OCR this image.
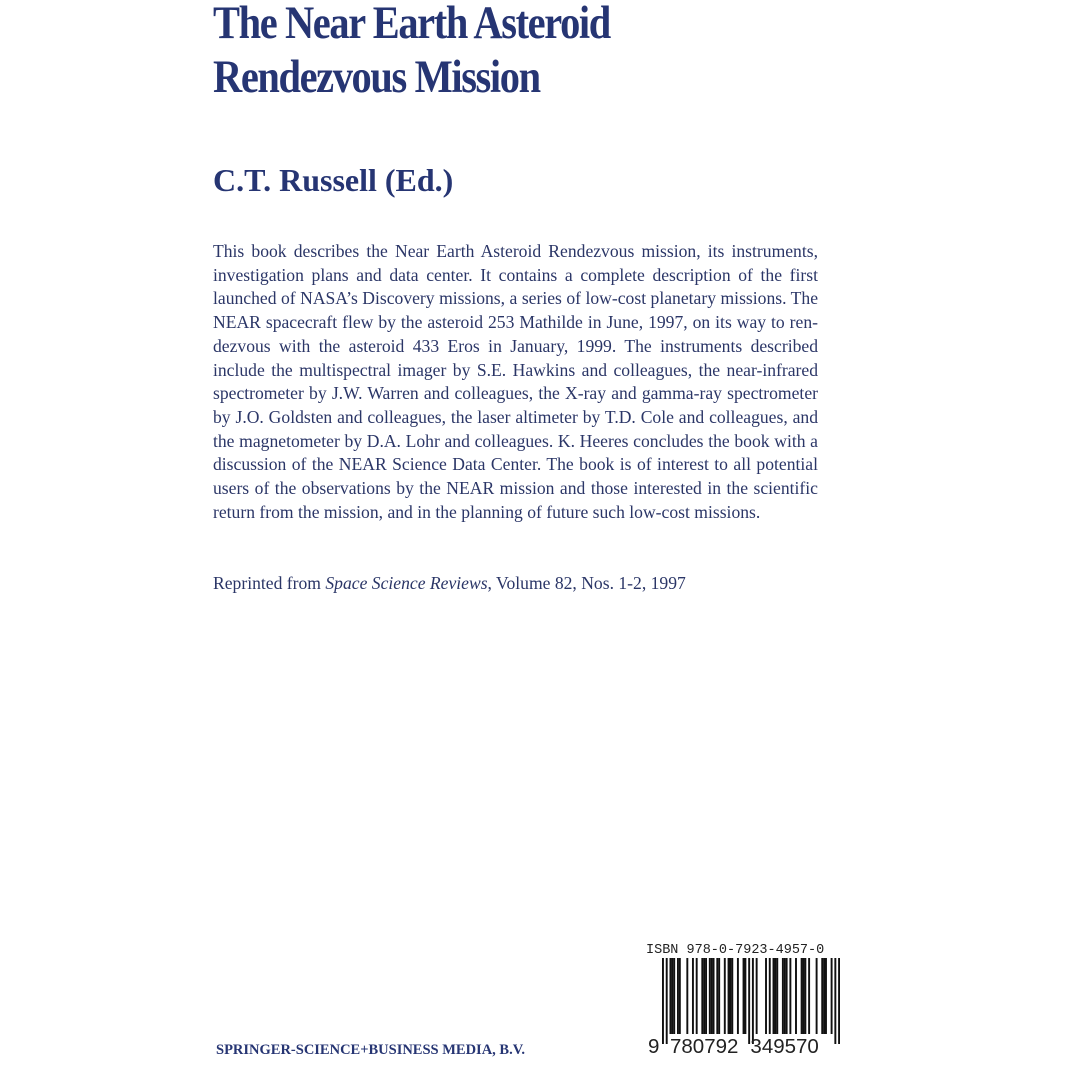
The Near Earth Asteroid
Rendezvous Mission
C.T. Russell (Ed.)

This book describes the Near Earth Asteroid Rendezvous mission, its instruments, investigation plans and data center. It contains a complete description of the first launched of NASA’s Discovery missions, a series of low-cost planetary missions. The NEAR spacecraft flew by the asteroid 253 Mathilde in June, 1997, on its way to rendezvous with the asteroid 433 Eros in January, 1999. The instruments described include the multispectral imager by S.E. Hawkins and colleagues, the near-infrared spectrometer by J.W. Warren and colleagues, the X-ray and gamma-ray spectrometer by J.O. Goldsten and colleagues, the laser altimeter by T.D. Cole and colleagues, and the magnetometer by D.A. Lohr and colleagues. K. Heeres concludes the book with a discussion of the NEAR Science Data Center. The book is of interest to all potential users of the observations by the NEAR mission and those interested in the scientific return from the mission, and in the planning of future such low-cost missions.

Reprinted from Space Science Reviews, Volume 82, Nos. 1-2, 1997

ISBN 978-0-7923-4957-0
9 780792 349570

SPRINGER-SCIENCE+BUSINESS MEDIA, B.V.
